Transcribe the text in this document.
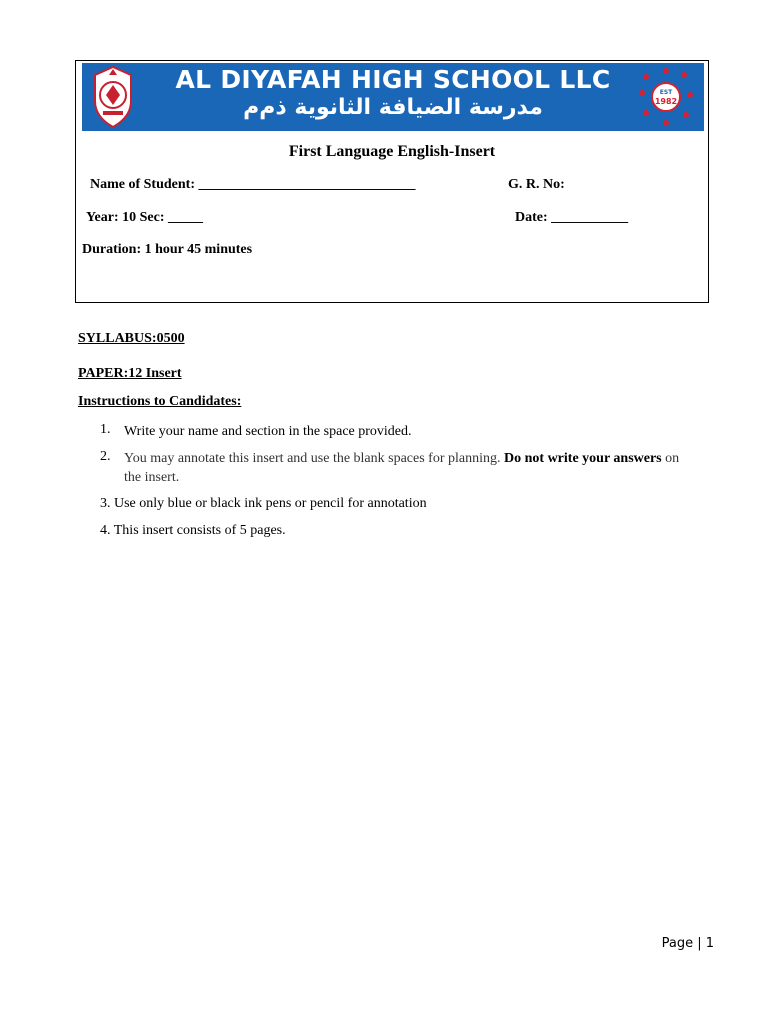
AL DIYAFAH HIGH SCHOOL LLC
مدرسة الضيافة الثانوية ذ‌م‌م
EST
1982
First Language English-Insert
Name of Student: _______________________________	G. R. No:
Year: 10 Sec: _____	Date: ___________
Duration: 1 hour 45 minutes
SYLLABUS:0500
PAPER:12 Insert
Instructions to Candidates:
1. Write your name and section in the space provided.
2. You may annotate this insert and use the blank spaces for planning. Do not write your answers on the insert.
3. Use only blue or black ink pens or pencil for annotation
4. This insert consists of 5 pages.
Page | 1
